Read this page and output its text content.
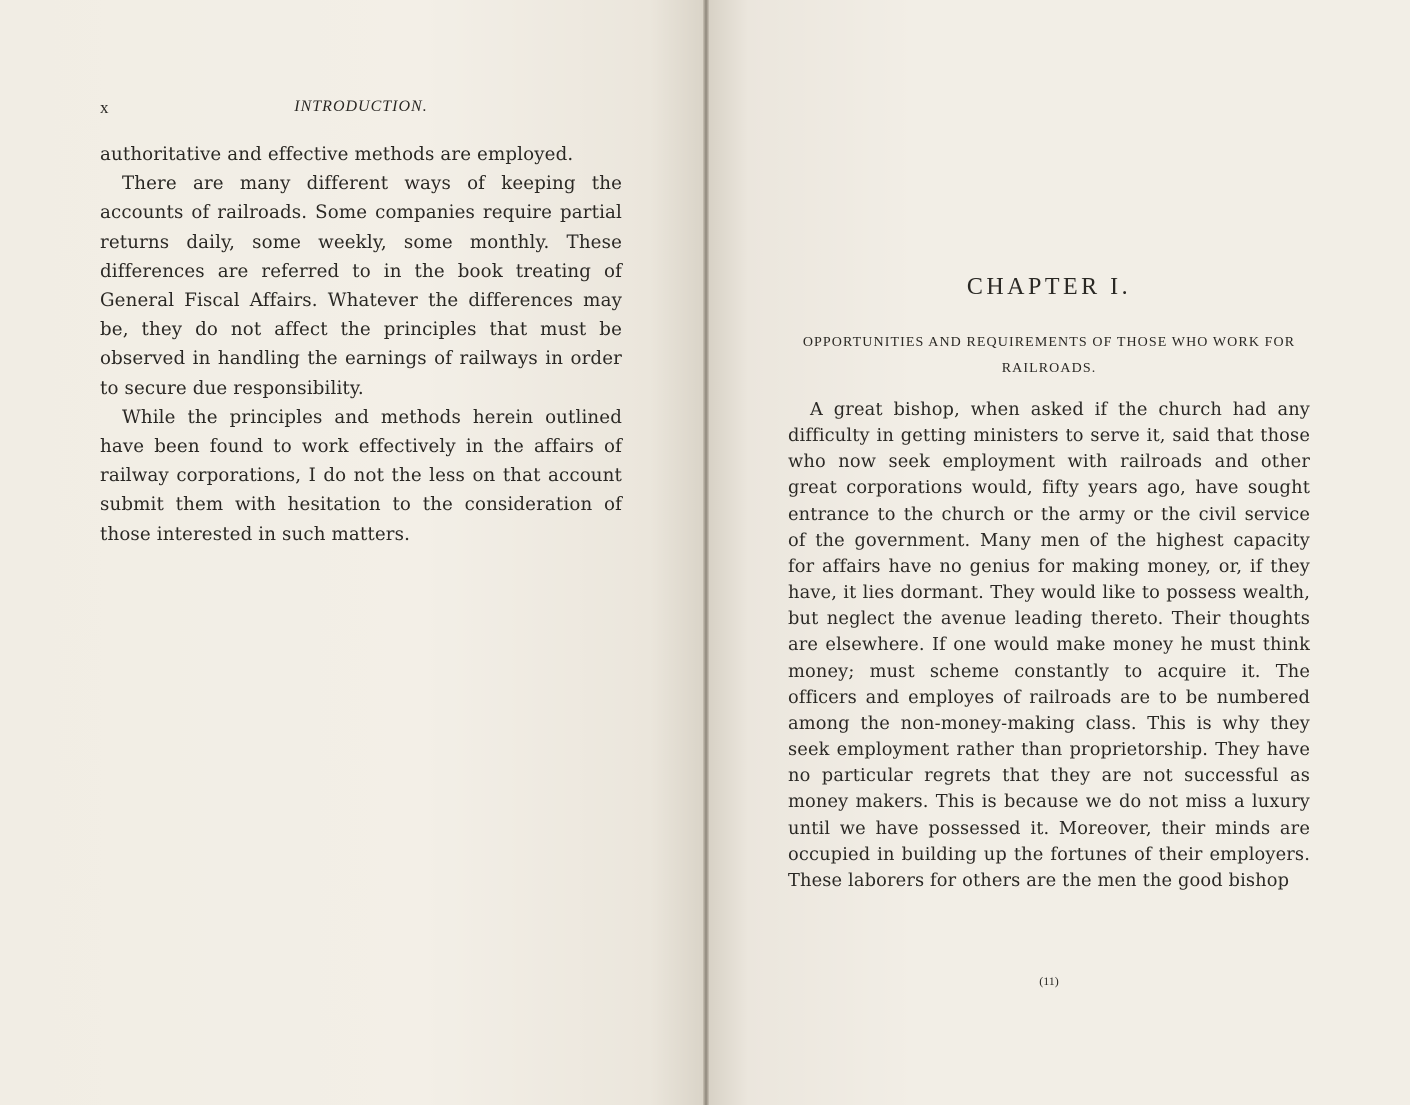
x	INTRODUCTION.

authoritative and effective methods are employed.

There are many different ways of keeping the accounts of railroads. Some companies require partial returns daily, some weekly, some monthly. These differences are referred to in the book treating of General Fiscal Affairs. Whatever the differences may be, they do not affect the principles that must be observed in handling the earnings of railways in order to secure due responsibility.

While the principles and methods herein outlined have been found to work effectively in the affairs of railway corporations, I do not the less on that account submit them with hesitation to the consideration of those interested in such matters.

CHAPTER I.
OPPORTUNITIES AND REQUIREMENTS OF THOSE WHO WORK FOR RAILROADS.

A great bishop, when asked if the church had any difficulty in getting ministers to serve it, said that those who now seek employment with railroads and other great corporations would, fifty years ago, have sought entrance to the church or the army or the civil service of the government. Many men of the highest capacity for affairs have no genius for making money, or, if they have, it lies dormant. They would like to possess wealth, but neglect the avenue leading thereto. Their thoughts are elsewhere. If one would make money he must think money; must scheme constantly to acquire it. The officers and employes of railroads are to be numbered among the non-money-making class. This is why they seek employment rather than proprietorship. They have no particular regrets that they are not successful as money makers. This is because we do not miss a luxury until we have possessed it. Moreover, their minds are occupied in building up the fortunes of their employers. These laborers for others are the men the good bishop

(11)
